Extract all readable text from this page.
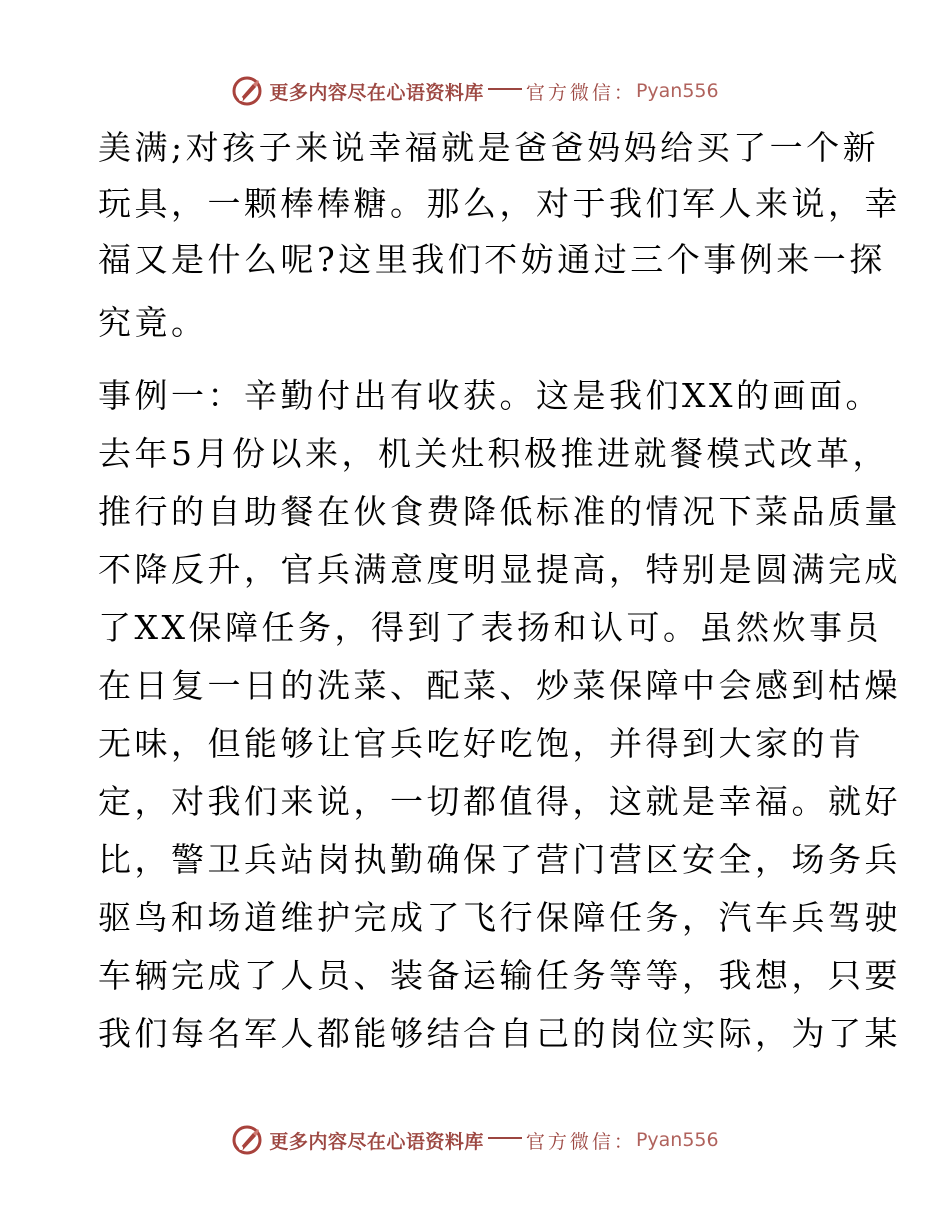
更多内容尽在心语资料库 官方微信： Pyan556
美满;对孩子来说幸福就是爸爸妈妈给买了一个新
玩具，一颗棒棒糖。那么，对于我们军人来说，幸
福又是什么呢?这里我们不妨通过三个事例来一探
究竟。
事例一：辛勤付出有收获。这是我们XX的画面。
去年5月份以来，机关灶积极推进就餐模式改革，
推行的自助餐在伙食费降低标准的情况下菜品质量
不降反升，官兵满意度明显提高，特别是圆满完成
了XX保障任务，得到了表扬和认可。虽然炊事员
在日复一日的洗菜、配菜、炒菜保障中会感到枯燥
无味，但能够让官兵吃好吃饱，并得到大家的肯
定，对我们来说，一切都值得，这就是幸福。就好
比，警卫兵站岗执勤确保了营门营区安全，场务兵
驱鸟和场道维护完成了飞行保障任务，汽车兵驾驶
车辆完成了人员、装备运输任务等等，我想，只要
我们每名军人都能够结合自己的岗位实际，为了某
更多内容尽在心语资料库 官方微信： Pyan556
